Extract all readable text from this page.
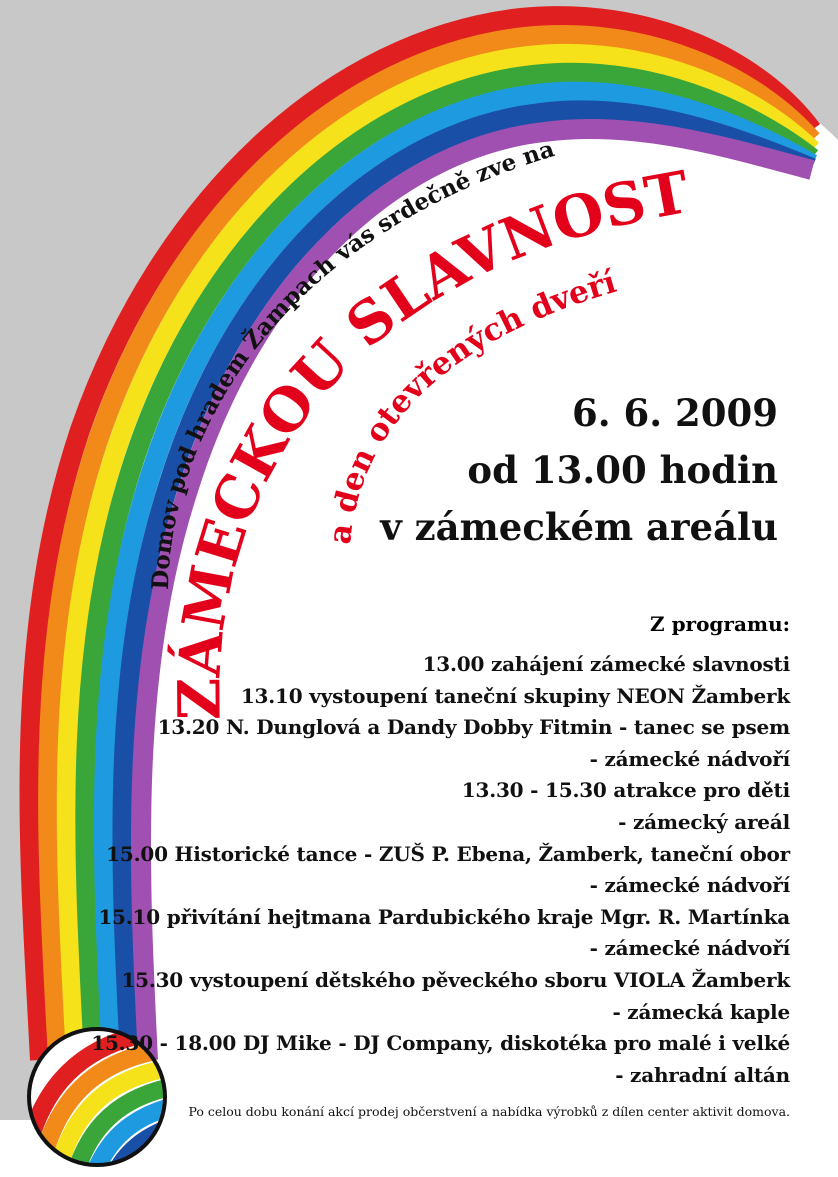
Domov pod hradem Žampach vás srdečně zve na
ZÁMECKOU SLAVNOST
a den otevřených dveří
6. 6. 2009
od 13.00 hodin
v zámeckém areálu
Z programu:
13.00 zahájení zámecké slavnosti
13.10 vystoupení taneční skupiny NEON Žamberk
13.20 N. Dunglová a Dandy Dobby Fitmin - tanec se psem
- zámecké nádvoří
13.30 - 15.30 atrakce pro děti
- zámecký areál
15.00 Historické tance - ZUŠ P. Ebena, Žamberk, taneční obor
- zámecké nádvoří
15.10 přivítání hejtmana Pardubického kraje Mgr. R. Martínka
- zámecké nádvoří
15.30 vystoupení dětského pěveckého sboru VIOLA Žamberk
- zámecká kaple
15.30 - 18.00 DJ Mike - DJ Company, diskotéka pro malé i velké
- zahradní altán
Po celou dobu konání akcí prodej občerstvení a nabídka výrobků z dílen center aktivit domova.
